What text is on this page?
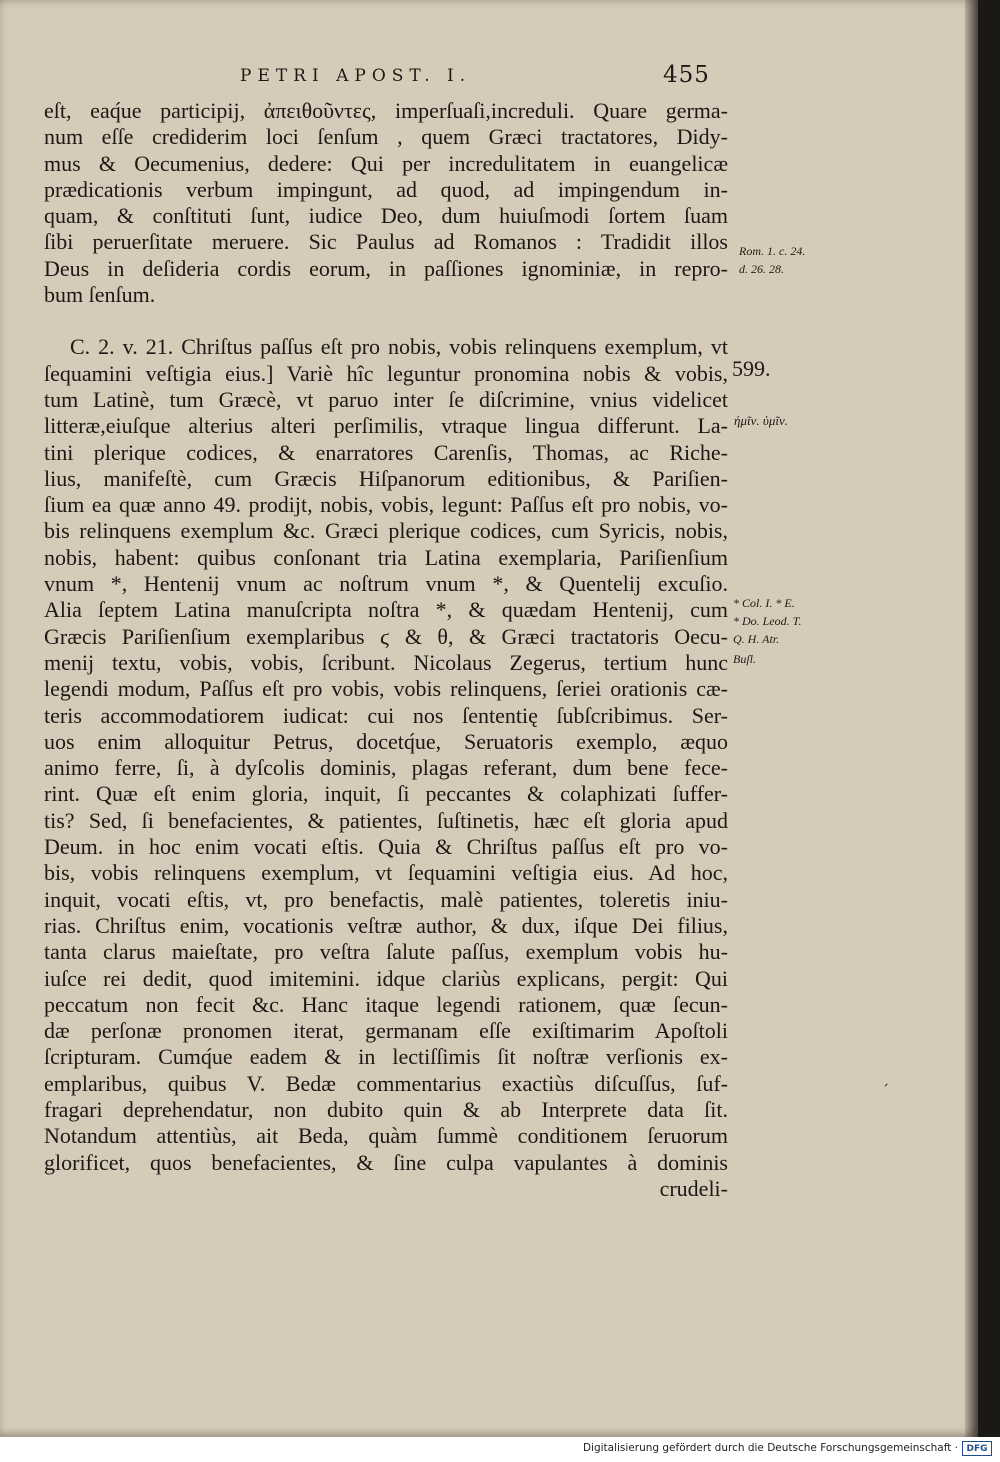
PETRI APOST. I.	455
eſt, eaq́ue participij, ἀπειθοῦντες, imperſuaſi,increduli. Quare germa-
num eſſe crediderim loci ſenſum , quem Græci tractatores, Didy-
mus & Oecumenius, dedere: Qui per incredulitatem in euangelicæ
prædicationis verbum impingunt, ad quod, ad impingendum in-
quam, & conſtituti ſunt, iudice Deo, dum huiuſmodi ſortem ſuam
ſibi peruerſitate meruere. Sic Paulus ad Romanos : Tradidit illos
Deus in deſideria cordis eorum, in paſſiones ignominiæ, in repro-
bum ſenſum.
C. 2. v. 21. Chriſtus paſſus eſt pro nobis, vobis relinquens exemplum, vt
ſequamini veſtigia eius.] Variè hîc leguntur pronomina nobis & vobis,
tum Latinè, tum Græcè, vt paruo inter ſe diſcrimine, vnius videlicet
litteræ,eiuſque alterius alteri perſimilis, vtraque lingua differunt. La-
tini plerique codices, & enarratores Carenſis, Thomas, ac Riche-
lius, manifeſtè, cum Græcis Hiſpanorum editionibus, & Pariſien-
ſium ea quæ anno 49. prodijt, nobis, vobis, legunt: Paſſus eſt pro nobis, vo-
bis relinquens exemplum &c. Græci plerique codices, cum Syricis, nobis,
nobis, habent: quibus conſonant tria Latina exemplaria, Pariſienſium
vnum *, Hentenij vnum ac noſtrum vnum *, & Quentelij excuſio.
Alia ſeptem Latina manuſcripta noſtra *, & quædam Hentenij, cum
Græcis Pariſienſium exemplaribus ϛ & θ, & Græci tractatoris Oecu-
menij textu, vobis, vobis, ſcribunt. Nicolaus Zegerus, tertium hunc
legendi modum, Paſſus eſt pro vobis, vobis relinquens, ſeriei orationis cæ-
teris accommodatiorem iudicat: cui nos ſententię ſubſcribimus. Ser-
uos enim alloquitur Petrus, docetq́ue, Seruatoris exemplo, æquo
animo ferre, ſi, à dyſcolis dominis, plagas referant, dum bene fece-
rint. Quæ eſt enim gloria, inquit, ſi peccantes & colaphizati ſuffer-
tis? Sed, ſi benefacientes, & patientes, ſuſtinetis, hæc eſt gloria apud
Deum. in hoc enim vocati eſtis. Quia & Chriſtus paſſus eſt pro vo-
bis, vobis relinquens exemplum, vt ſequamini veſtigia eius. Ad hoc,
inquit, vocati eſtis, vt, pro benefactis, malè patientes, toleretis iniu-
rias. Chriſtus enim, vocationis veſtræ author, & dux, iſque Dei filius,
tanta clarus maieſtate, pro veſtra ſalute paſſus, exemplum vobis hu-
iuſce rei dedit, quod imitemini. idque clariùs explicans, pergit: Qui
peccatum non fecit &c. Hanc itaque legendi rationem, quæ ſecun-
dæ perſonæ pronomen iterat, germanam eſſe exiſtimarim Apoſtoli
ſcripturam. Cumq́ue eadem & in lectiſſimis ſit noſtræ verſionis ex-
emplaribus, quibus V. Bedæ commentarius exactiùs diſcuſſus, ſuf-
fragari deprehendatur, non dubito quin & ab Interprete data ſit.
Notandum attentiùs, ait Beda, quàm ſummè conditionem ſeruorum
glorificet, quos benefacientes, & ſine culpa vapulantes à dominis
crudeli-
Rom. 1. c. 24.
d. 26. 28.
599.
ἡμῖν. ὑμῖν.
* Col. I. * E.
* Do. Leod. T.
Q. H. Atr.
Buſl.
ˏ
Digitalisierung gefördert durch die Deutsche Forschungsgemeinschaft · DFG
